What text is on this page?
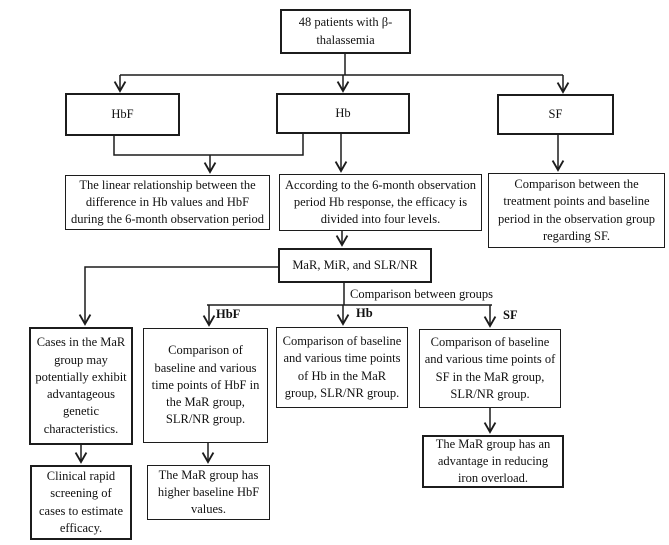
48 patients with β-thalassemia
HbF	Hb	SF
The linear relationship between the difference in Hb values and HbF during the 6-month observation period
According to the 6-month observation period Hb response, the efficacy is divided into four levels.
Comparison between the treatment points and baseline period in the observation group regarding SF.
MaR, MiR, and SLR/NR
Comparison between groups
HbF	Hb	SF
Cases in the MaR group may potentially exhibit advantageous genetic characteristics.
Comparison of baseline and various time points of HbF in the MaR group, SLR/NR group.
Comparison of baseline and various time points of Hb in the MaR group, SLR/NR group.
Comparison of baseline and various time points of SF in the MaR group, SLR/NR group.
Clinical rapid screening of cases to estimate efficacy.
The MaR group has higher baseline HbF values.
The MaR group has an advantage in reducing iron overload.
